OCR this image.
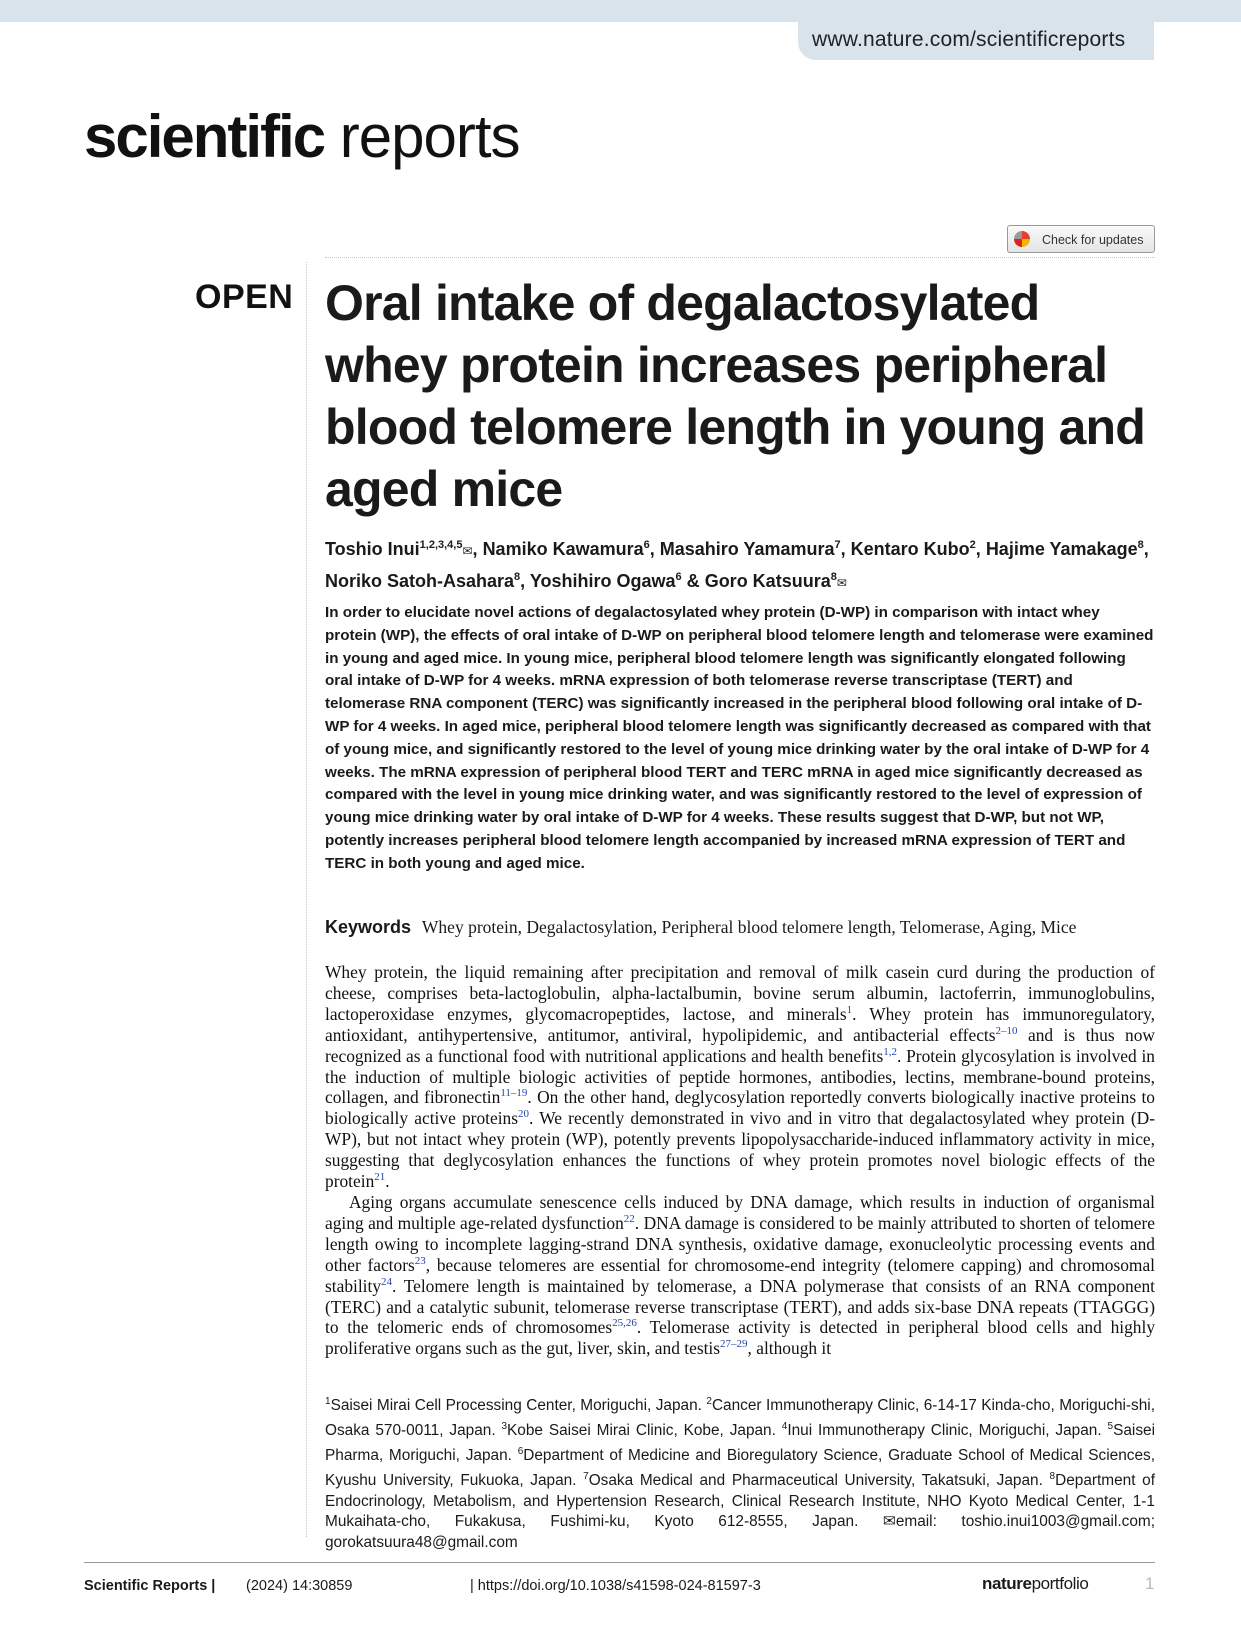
www.nature.com/scientificreports
scientific reports
Check for updates
OPEN Oral intake of degalactosylated whey protein increases peripheral blood telomere length in young and aged mice
Toshio Inui$^{1,2,3,4,5}$✉, Namiko Kawamura$^6$, Masahiro Yamamura$^7$, Kentaro Kubo$^2$, Hajime Yamakage$^8$, Noriko Satoh-Asahara$^8$, Yoshihiro Ogawa$^6$ & Goro Katsuura$^8$✉
In order to elucidate novel actions of degalactosylated whey protein (D-WP) in comparison with intact whey protein (WP), the effects of oral intake of D-WP on peripheral blood telomere length and telomerase were examined in young and aged mice. In young mice, peripheral blood telomere length was significantly elongated following oral intake of D-WP for 4 weeks. mRNA expression of both telomerase reverse transcriptase (TERT) and telomerase RNA component (TERC) was significantly increased in the peripheral blood following oral intake of D-WP for 4 weeks. In aged mice, peripheral blood telomere length was significantly decreased as compared with that of young mice, and significantly restored to the level of young mice drinking water by the oral intake of D-WP for 4 weeks. The mRNA expression of peripheral blood TERT and TERC mRNA in aged mice significantly decreased as compared with the level in young mice drinking water, and was significantly restored to the level of expression of young mice drinking water by oral intake of D-WP for 4 weeks. These results suggest that D-WP, but not WP, potently increases peripheral blood telomere length accompanied by increased mRNA expression of TERT and TERC in both young and aged mice.
Keywords Whey protein, Degalactosylation, Peripheral blood telomere length, Telomerase, Aging, Mice

Whey protein, the liquid remaining after precipitation and removal of milk casein curd during the production of cheese, comprises beta-lactoglobulin, alpha-lactalbumin, bovine serum albumin, lactoferrin, immunoglobulins, lactoperoxidase enzymes, glycomacropeptides, lactose, and minerals$^1$. Whey protein has immunoregulatory, antioxidant, antihypertensive, antitumor, antiviral, hypolipidemic, and antibacterial effects$^{2-10}$ and is thus now recognized as a functional food with nutritional applications and health benefits$^{1,2}$. Protein glycosylation is involved in the induction of multiple biologic activities of peptide hormones, antibodies, lectins, membrane-bound proteins, collagen, and fibronectin$^{11-19}$. On the other hand, deglycosylation reportedly converts biologically inactive proteins to biologically active proteins$^{20}$. We recently demonstrated in vivo and in vitro that degalactosylated whey protein (D-WP), but not intact whey protein (WP), potently prevents lipopolysaccharide-induced inflammatory activity in mice, suggesting that deglycosylation enhances the functions of whey protein promotes novel biologic effects of the protein$^{21}$.

Aging organs accumulate senescence cells induced by DNA damage, which results in induction of organismal aging and multiple age-related dysfunction$^{22}$. DNA damage is considered to be mainly attributed to shorten of telomere length owing to incomplete lagging-strand DNA synthesis, oxidative damage, exonucleolytic processing events and other factors$^{23}$, because telomeres are essential for chromosome-end integrity (telomere capping) and chromosomal stability$^{24}$. Telomere length is maintained by telomerase, a DNA polymerase that consists of an RNA component (TERC) and a catalytic subunit, telomerase reverse transcriptase (TERT), and adds six-base DNA repeats (TTAGGG) to the telomeric ends of chromosomes$^{25,26}$. Telomerase activity is detected in peripheral blood cells and highly proliferative organs such as the gut, liver, skin, and testis$^{27-29}$, although it

$^1$Saisei Mirai Cell Processing Center, Moriguchi, Japan. $^2$Cancer Immunotherapy Clinic, 6-14-17 Kinda-cho, Moriguchi-shi, Osaka 570-0011, Japan. $^3$Kobe Saisei Mirai Clinic, Kobe, Japan. $^4$Inui Immunotherapy Clinic, Moriguchi, Japan. $^5$Saisei Pharma, Moriguchi, Japan. $^6$Department of Medicine and Bioregulatory Science, Graduate School of Medical Sciences, Kyushu University, Fukuoka, Japan. $^7$Osaka Medical and Pharmaceutical University, Takatsuki, Japan. $^8$Department of Endocrinology, Metabolism, and Hypertension Research, Clinical Research Institute, NHO Kyoto Medical Center, 1-1 Mukaihata-cho, Fukakusa, Fushimi-ku, Kyoto 612-8555, Japan. ✉email: toshio.inui1003@gmail.com; gorokatsuura48@gmail.com
Scientific Reports | (2024) 14:30859	| https://doi.org/10.1038/s41598-024-81597-3	natureportfolio	1
